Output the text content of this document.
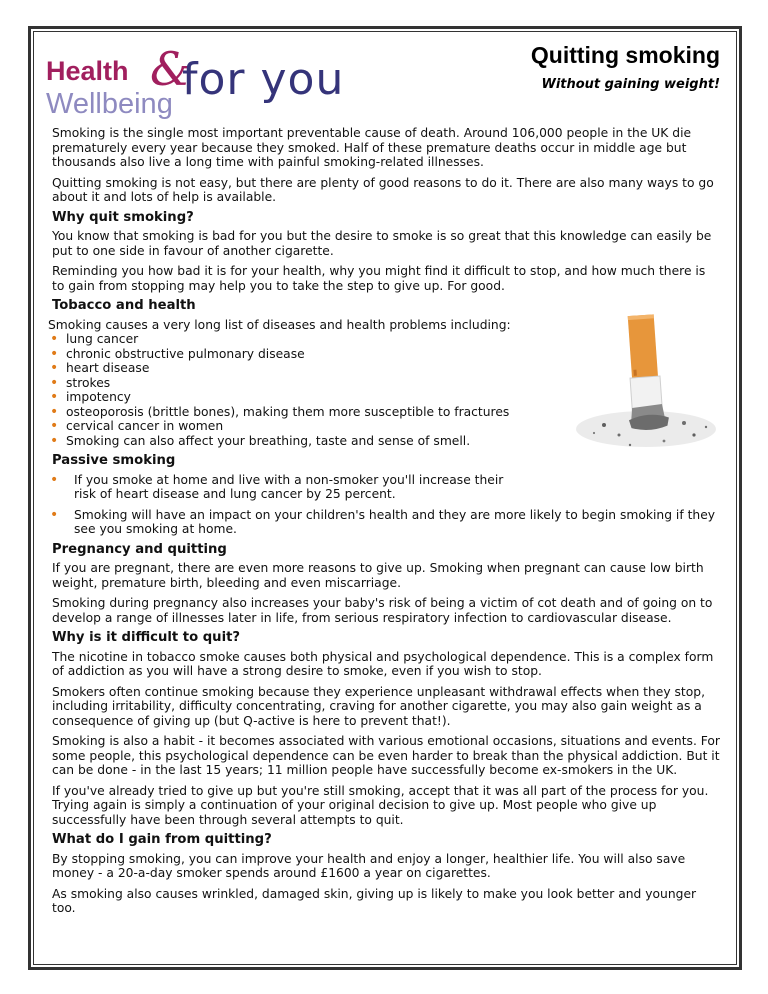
Health &
Wellbeing for you	Quitting smoking
Without gaining weight!

Smoking is the single most important preventable cause of death. Around 106,000 people in the UK die prematurely every year because they smoked. Half of these premature deaths occur in middle age but thousands also live a long time with painful smoking-related illnesses.

Quitting smoking is not easy, but there are plenty of good reasons to do it. There are also many ways to go about it and lots of help is available.

Why quit smoking?

You know that smoking is bad for you but the desire to smoke is so great that this knowledge can easily be put to one side in favour of another cigarette.

Reminding you how bad it is for your health, why you might find it difficult to stop, and how much there is to gain from stopping may help you to take the step to give up. For good.

Tobacco and health
Smoking causes a very long list of diseases and health problems including:
• lung cancer
• chronic obstructive pulmonary disease
• heart disease
• strokes
• impotency
• osteoporosis (brittle bones), making them more susceptible to fractures
• cervical cancer in women
• Smoking can also affect your breathing, taste and sense of smell.
Passive smoking
• If you smoke at home and live with a non-smoker you'll increase their risk of heart disease and lung cancer by 25 percent.
• Smoking will have an impact on your children's health and they are more likely to begin smoking if they see you smoking at home.
Pregnancy and quitting

If you are pregnant, there are even more reasons to give up. Smoking when pregnant can cause low birth weight, premature birth, bleeding and even miscarriage.

Smoking during pregnancy also increases your baby's risk of being a victim of cot death and of going on to develop a range of illnesses later in life, from serious respiratory infection to cardiovascular disease.

Why is it difficult to quit?

The nicotine in tobacco smoke causes both physical and psychological dependence. This is a complex form of addiction as you will have a strong desire to smoke, even if you wish to stop.

Smokers often continue smoking because they experience unpleasant withdrawal effects when they stop, including irritability, difficulty concentrating, craving for another cigarette, you may also gain weight as a consequence of giving up (but Q-active is here to prevent that!).

Smoking is also a habit - it becomes associated with various emotional occasions, situations and events. For some people, this psychological dependence can be even harder to break than the physical addiction. But it can be done - in the last 15 years; 11 million people have successfully become ex-smokers in the UK.

If you've already tried to give up but you're still smoking, accept that it was all part of the process for you. Trying again is simply a continuation of your original decision to give up. Most people who give up successfully have been through several attempts to quit.

What do I gain from quitting?

By stopping smoking, you can improve your health and enjoy a longer, healthier life. You will also save money - a 20-a-day smoker spends around £1600 a year on cigarettes.

As smoking also causes wrinkled, damaged skin, giving up is likely to make you look better and younger too.
